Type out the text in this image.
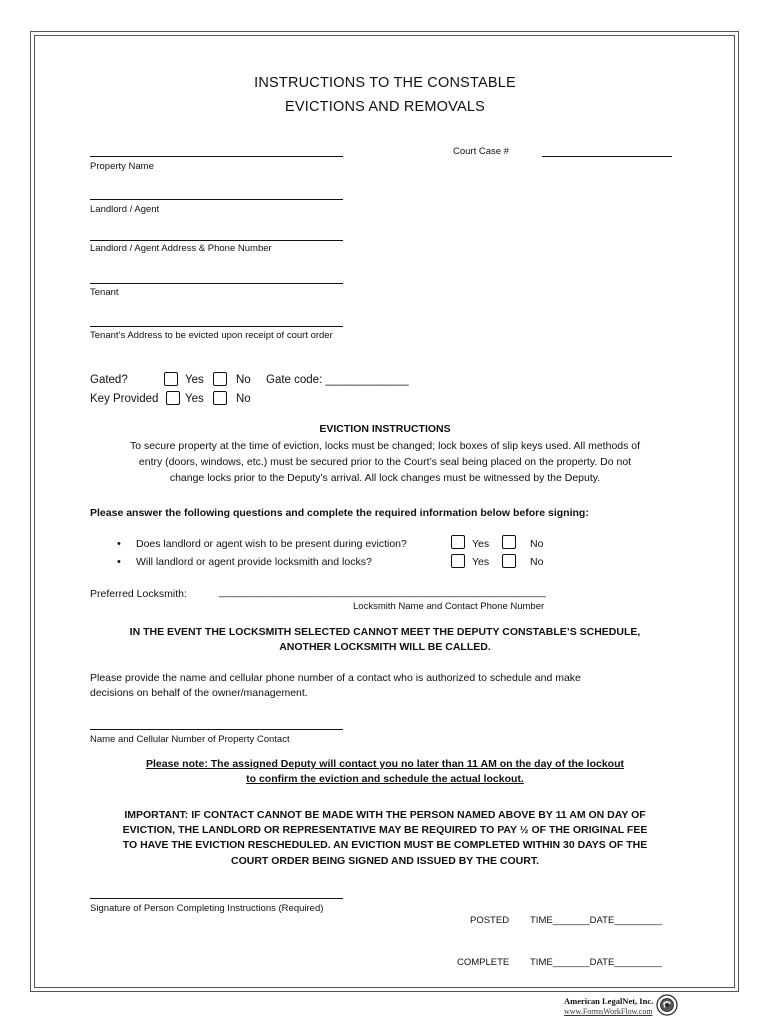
INSTRUCTIONS TO THE CONSTABLE
EVICTIONS AND REMOVALS
Court Case #
Property Name
Landlord / Agent
Landlord / Agent Address & Phone Number
Tenant
Tenant’s Address to be evicted upon receipt of court order
Gated?	Yes	No Gate code: _____________
Key Provided Yes	No
EVICTION INSTRUCTIONS
To secure property at the time of eviction, locks must be changed; lock boxes of slip keys used. All methods of
entry (doors, windows, etc.) must be secured prior to the Court’s seal being placed on the property. Do not
change locks prior to the Deputy’s arrival. All lock changes must be witnessed by the Deputy.
Please answer the following questions and complete the required information below before signing:
• Does landlord or agent wish to be present during eviction?	Yes	No
• Will landlord or agent provide locksmith and locks?	Yes	No
Preferred Locksmith:	________________________________________________________
Locksmith Name and Contact Phone Number
IN THE EVENT THE LOCKSMITH SELECTED CANNOT MEET THE DEPUTY CONSTABLE’S SCHEDULE,
ANOTHER LOCKSMITH WILL BE CALLED.
Please provide the name and cellular phone number of a contact who is authorized to schedule and make
decisions on behalf of the owner/management.
Name and Cellular Number of Property Contact
Please note: The assigned Deputy will contact you no later than 11 AM on the day of the lockout
to confirm the eviction and schedule the actual lockout.
IMPORTANT: IF CONTACT CANNOT BE MADE WITH THE PERSON NAMED ABOVE BY 11 AM ON DAY OF
EVICTION, THE LANDLORD OR REPRESENTATIVE MAY BE REQUIRED TO PAY ½ OF THE ORIGINAL FEE
TO HAVE THE EVICTION RESCHEDULED. AN EVICTION MUST BE COMPLETED WITHIN 30 DAYS OF THE
COURT ORDER BEING SIGNED AND ISSUED BY THE COURT.
Signature of Person Completing Instructions (Required)
POSTED TIME_______DATE_________
COMPLETE TIME_______DATE_________
American LegalNet, Inc.
www.FormsWorkFlow.com
